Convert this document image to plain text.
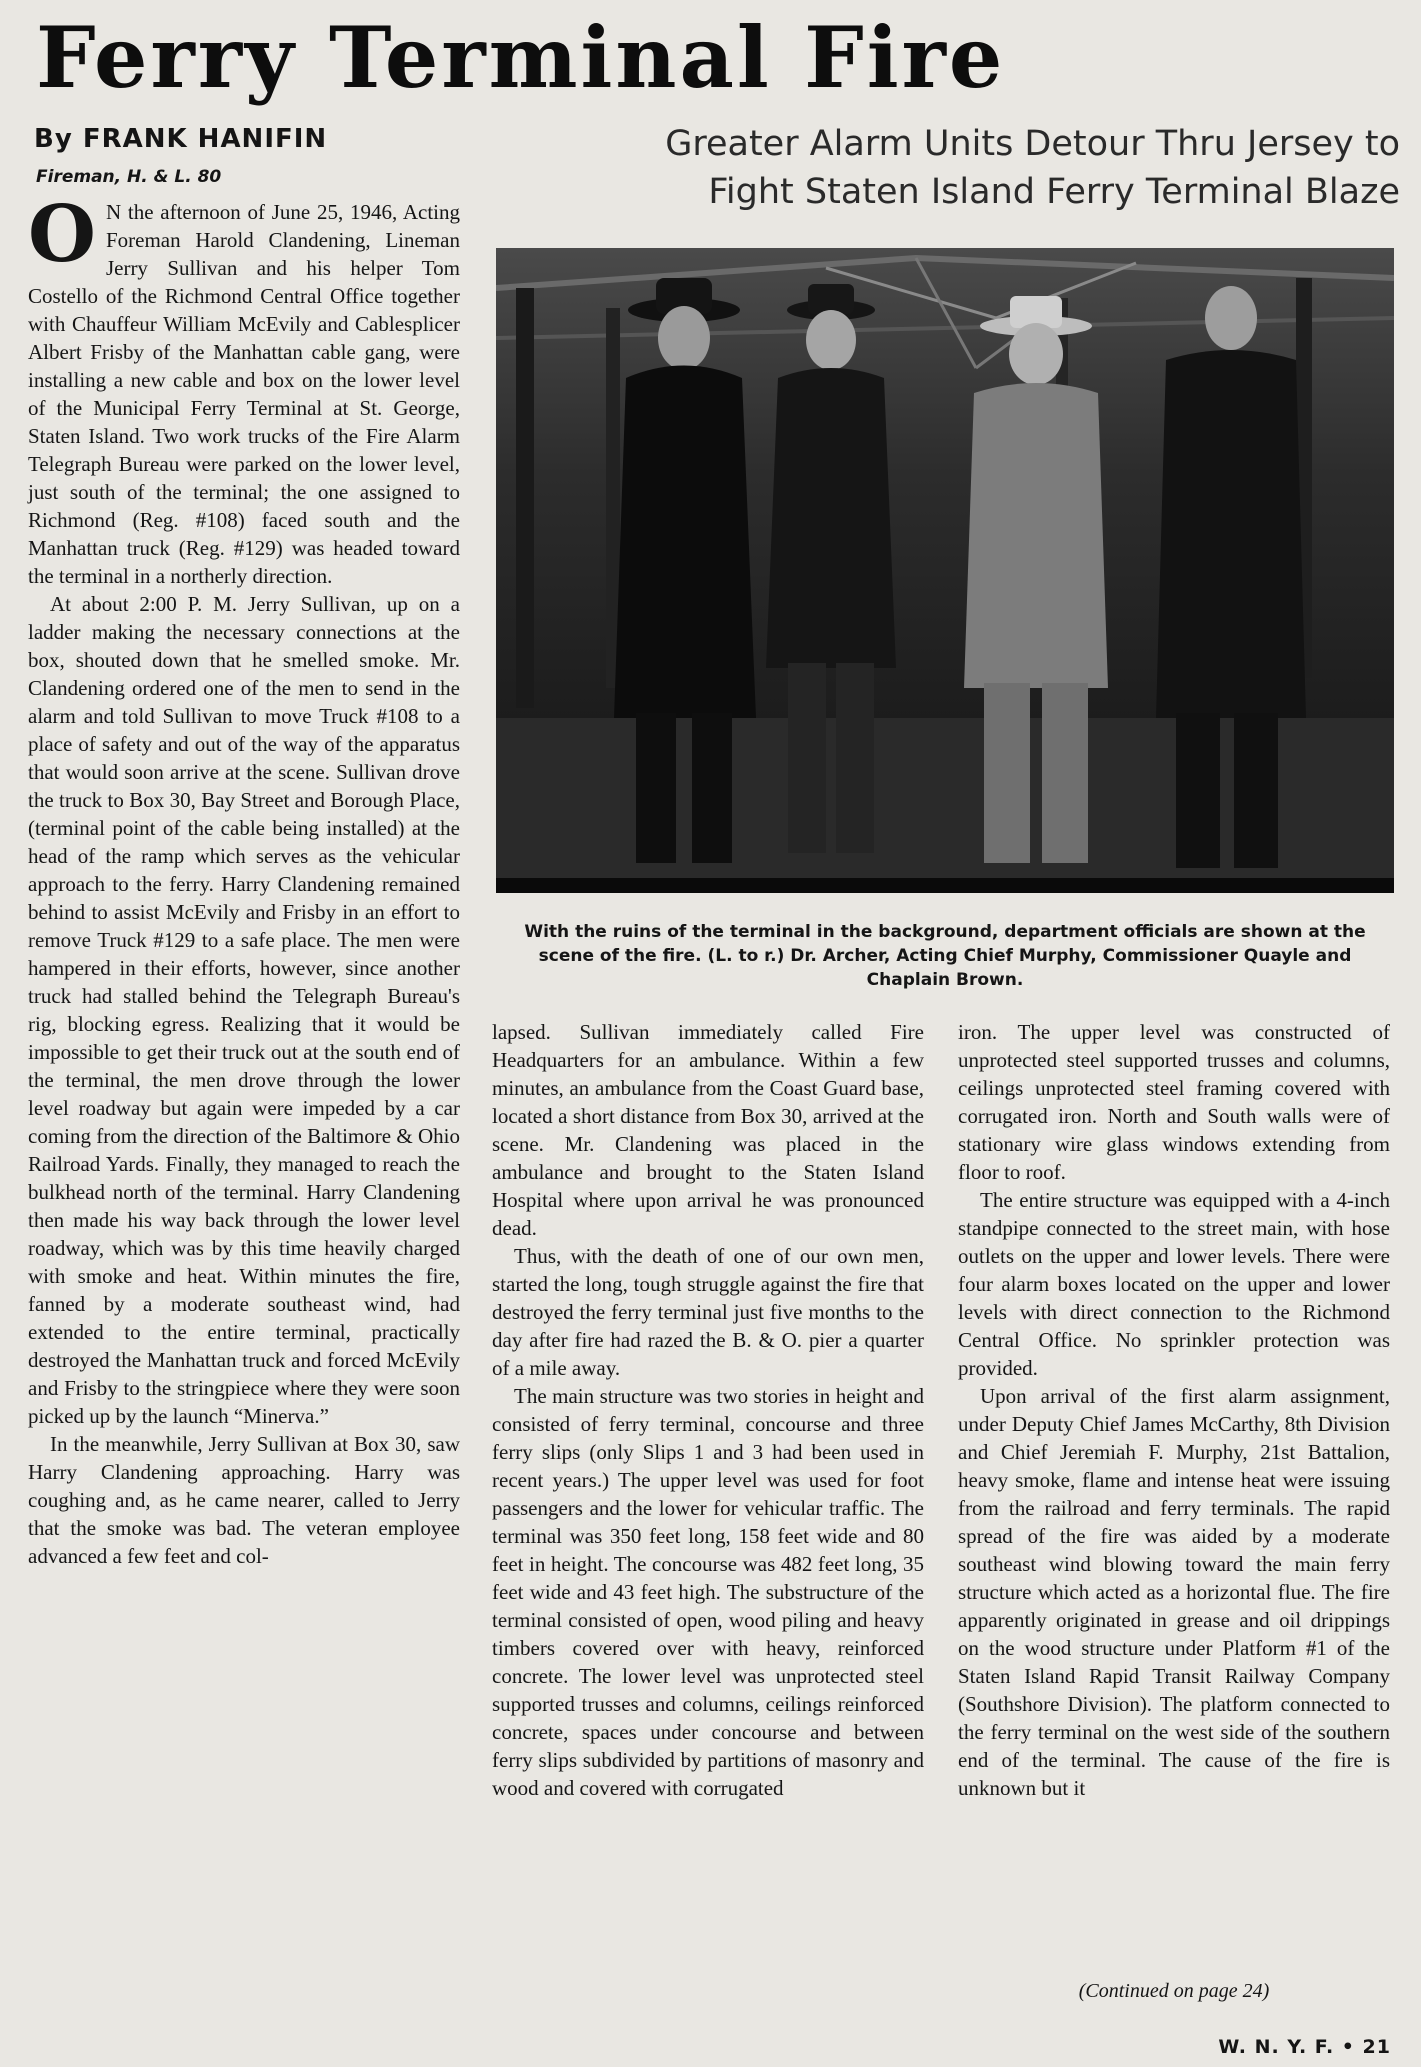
Ferry Terminal Fire

By FRANK HANIFIN

Fireman, H. & L. 80

Greater Alarm Units Detour Thru Jersey to Fight Staten Island Ferry Terminal Blaze

With the ruins of the terminal in the background, department officials are shown at the scene of the fire. (L. to r.) Dr. Archer, Acting Chief Murphy, Commissioner Quayle and Chaplain Brown.

O N the afternoon of June 25, 1946, Acting Foreman Harold Clandening, Lineman Jerry Sullivan and his helper Tom Costello of the Richmond Central Office together with Chauffeur William McEvily and Cablesplicer Albert Frisby of the Manhattan cable gang, were installing a new cable and box on the lower level of the Municipal Ferry Terminal at St. George, Staten Island. Two work trucks of the Fire Alarm Telegraph Bureau were parked on the lower level, just south of the terminal; the one assigned to Richmond (Reg. #108) faced south and the Manhattan truck (Reg. #129) was headed toward the terminal in a northerly direction.

At about 2:00 P. M. Jerry Sullivan, up on a ladder making the necessary connections at the box, shouted down that he smelled smoke. Mr. Clandening ordered one of the men to send in the alarm and told Sullivan to move Truck #108 to a place of safety and out of the way of the apparatus that would soon arrive at the scene. Sullivan drove the truck to Box 30, Bay Street and Borough Place, (terminal point of the cable being installed) at the head of the ramp which serves as the vehicular approach to the ferry. Harry Clandening remained behind to assist McEvily and Frisby in an effort to remove Truck #129 to a safe place. The men were hampered in their efforts, however, since another truck had stalled behind the Telegraph Bureau's rig, blocking egress. Realizing that it would be impossible to get their truck out at the south end of the terminal, the men drove through the lower level roadway but again were impeded by a car coming from the direction of the Baltimore & Ohio Railroad Yards. Finally, they managed to reach the bulkhead north of the terminal. Harry Clandening then made his way back through the lower level roadway, which was by this time heavily charged with smoke and heat. Within minutes the fire, fanned by a moderate southeast wind, had extended to the entire terminal, practically destroyed the Manhattan truck and forced McEvily and Frisby to the stringpiece where they were soon picked up by the launch “Minerva.”

In the meanwhile, Jerry Sullivan at Box 30, saw Harry Clandening approaching. Harry was coughing and, as he came nearer, called to Jerry that the smoke was bad. The veteran employee advanced a few feet and col-

lapsed. Sullivan immediately called Fire Headquarters for an ambulance. Within a few minutes, an ambulance from the Coast Guard base, located a short distance from Box 30, arrived at the scene. Mr. Clandening was placed in the ambulance and brought to the Staten Island Hospital where upon arrival he was pronounced dead.

Thus, with the death of one of our own men, started the long, tough struggle against the fire that destroyed the ferry terminal just five months to the day after fire had razed the B. & O. pier a quarter of a mile away.

The main structure was two stories in height and consisted of ferry terminal, concourse and three ferry slips (only Slips 1 and 3 had been used in recent years.) The upper level was used for foot passengers and the lower for vehicular traffic. The terminal was 350 feet long, 158 feet wide and 80 feet in height. The concourse was 482 feet long, 35 feet wide and 43 feet high. The substructure of the terminal consisted of open, wood piling and heavy timbers covered over with heavy, reinforced concrete. The lower level was unprotected steel supported trusses and columns, ceilings reinforced concrete, spaces under concourse and between ferry slips subdivided by partitions of masonry and wood and covered with corrugated

iron. The upper level was constructed of unprotected steel supported trusses and columns, ceilings unprotected steel framing covered with corrugated iron. North and South walls were of stationary wire glass windows extending from floor to roof.

The entire structure was equipped with a 4-inch standpipe connected to the street main, with hose outlets on the upper and lower levels. There were four alarm boxes located on the upper and lower levels with direct connection to the Richmond Central Office. No sprinkler protection was provided.

Upon arrival of the first alarm assignment, under Deputy Chief James McCarthy, 8th Division and Chief Jeremiah F. Murphy, 21st Battalion, heavy smoke, flame and intense heat were issuing from the railroad and ferry terminals. The rapid spread of the fire was aided by a moderate southeast wind blowing toward the main ferry structure which acted as a horizontal flue. The fire apparently originated in grease and oil drippings on the wood structure under Platform #1 of the Staten Island Rapid Transit Railway Company (Southshore Division). The platform connected to the ferry terminal on the west side of the southern end of the terminal. The cause of the fire is unknown but it

(Continued on page 24)

W. N. Y. F. • 21
